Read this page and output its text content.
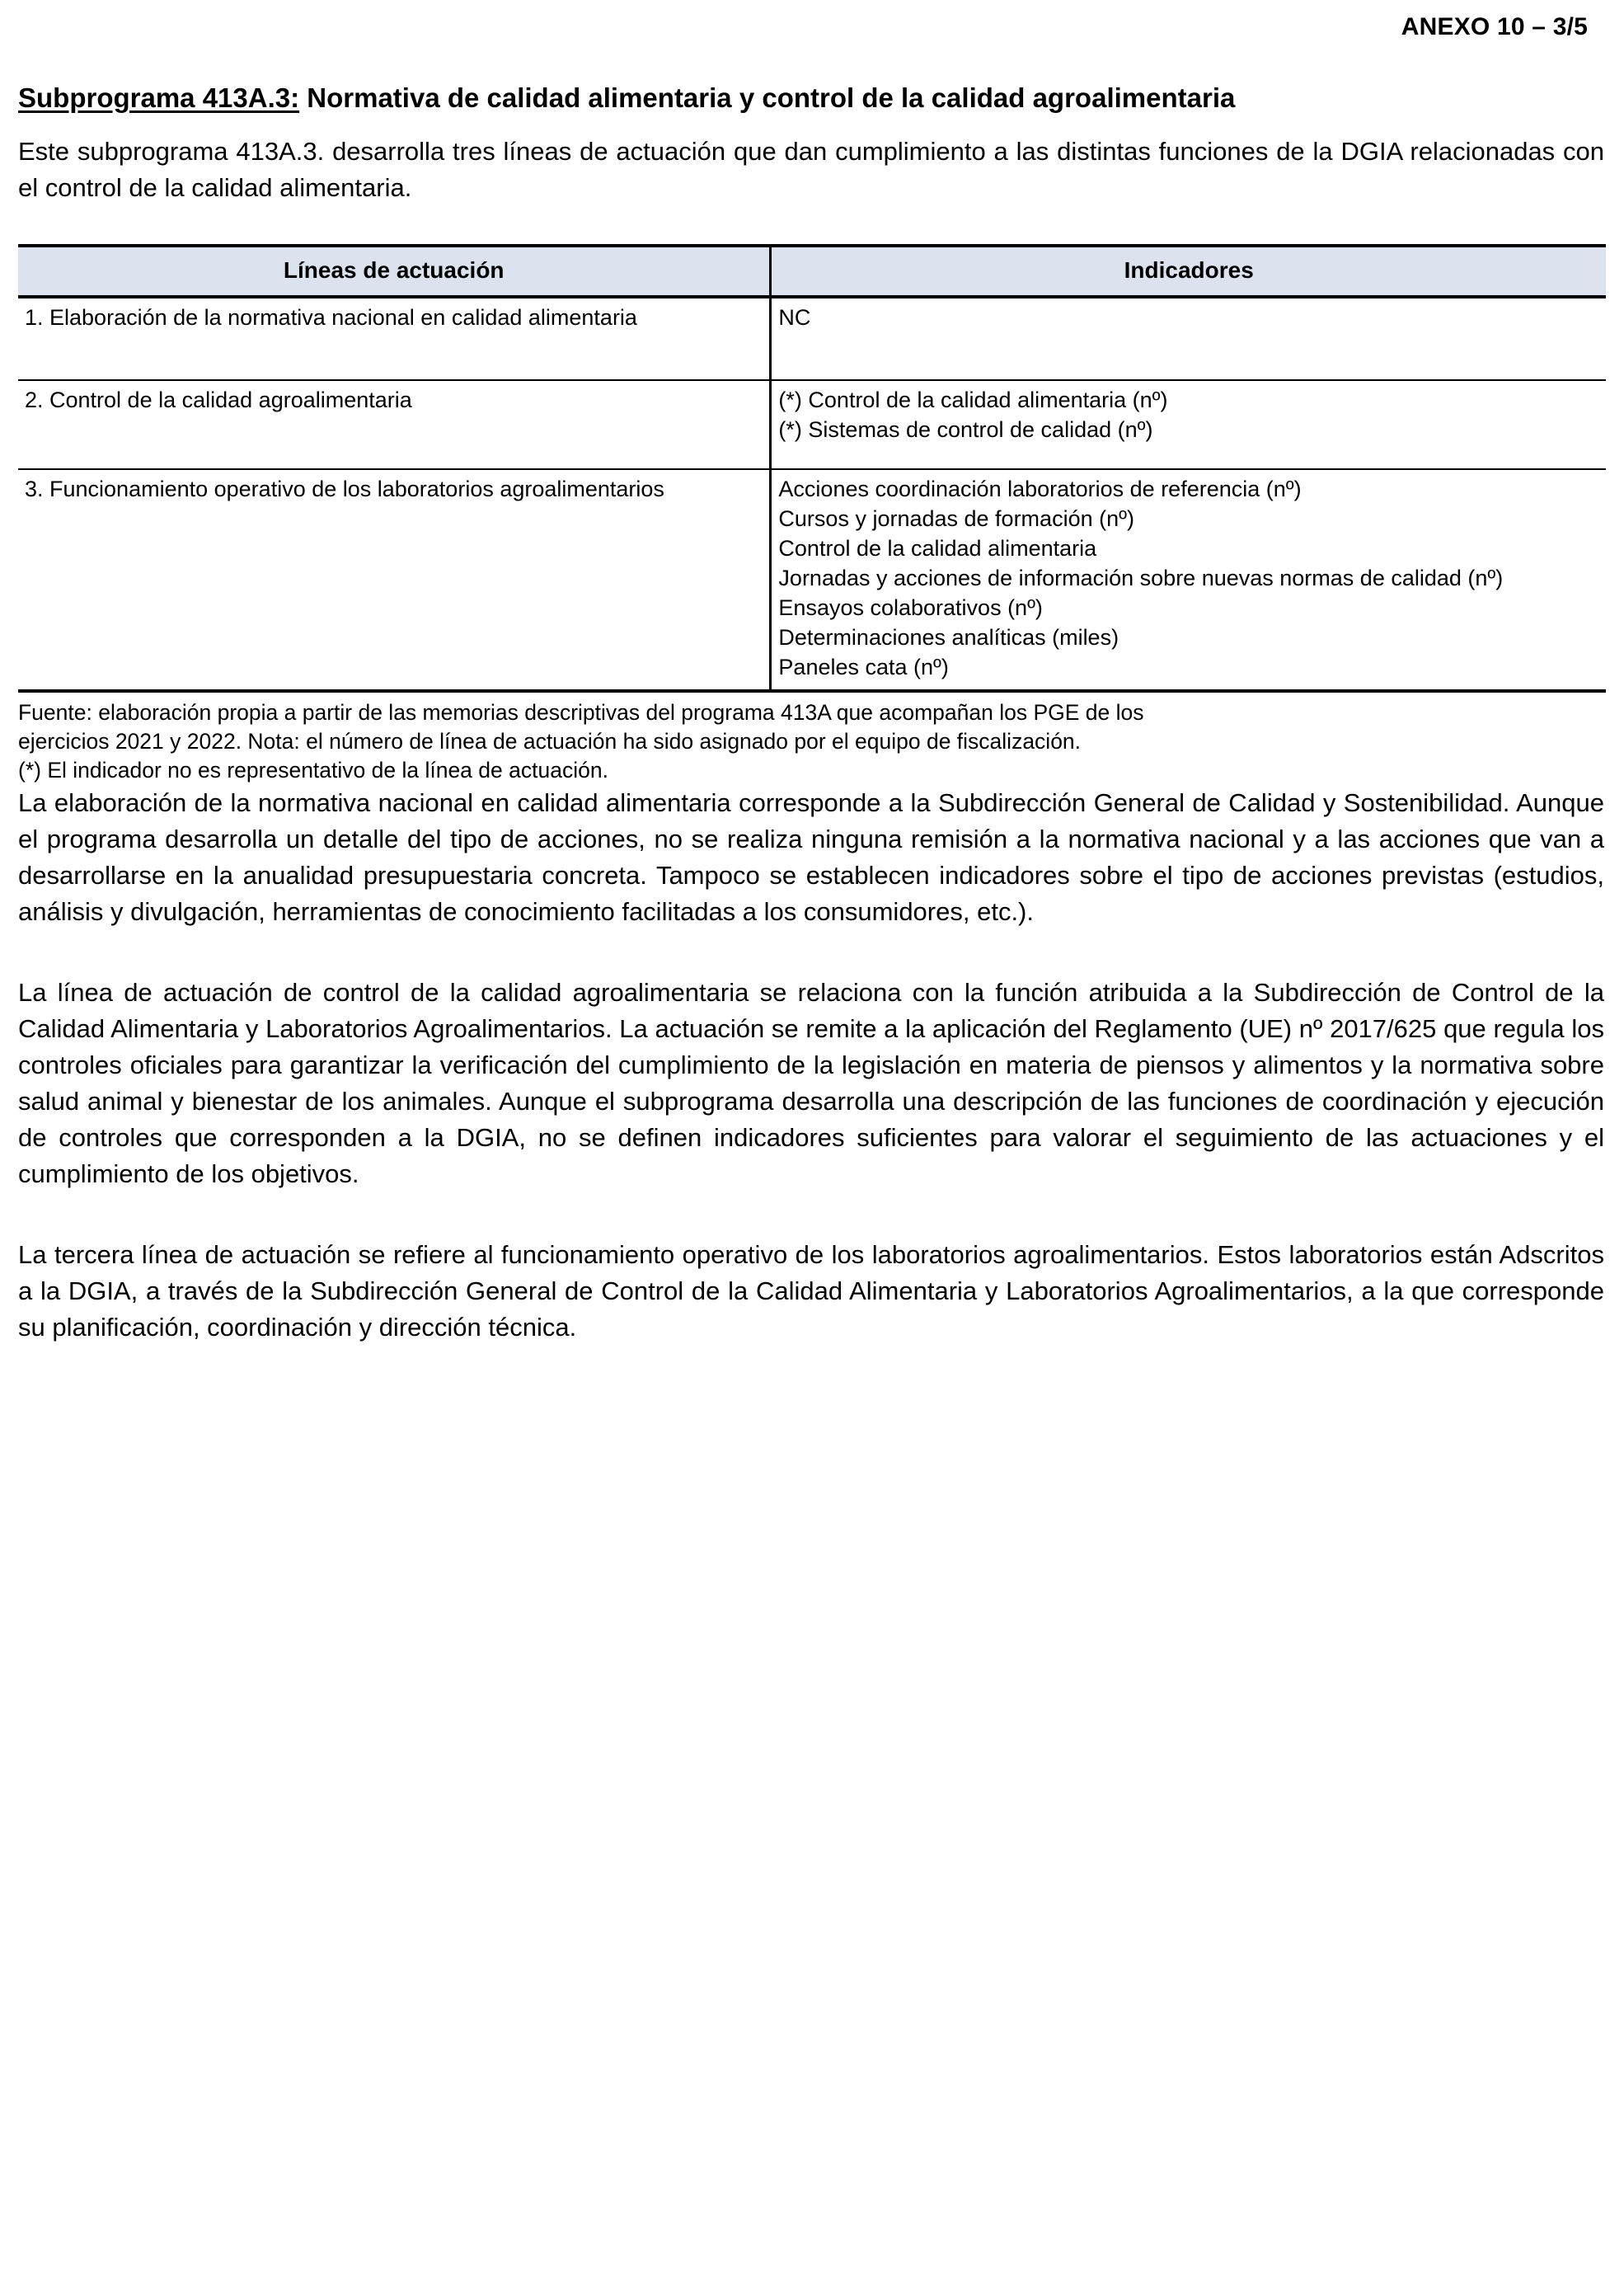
ANEXO 10 – 3/5
Subprograma 413A.3: Normativa de calidad alimentaria y control de la calidad agroalimentaria

Este subprograma 413A.3. desarrolla tres líneas de actuación que dan cumplimiento a las distintas funciones de la DGIA relacionadas con el control de la calidad alimentaria.

Líneas de actuación	Indicadores

1. Elaboración de la normativa nacional en calidad alimentaria	NC

2. Control de la calidad agroalimentaria	(*) Control de la calidad alimentaria (nº)
(*) Sistemas de control de calidad (nº)

3. Funcionamiento operativo de los laboratorios agroalimentarios	Acciones coordinación laboratorios de referencia (nº)
Cursos y jornadas de formación (nº)
Control de la calidad alimentaria
Jornadas y acciones de información sobre nuevas normas de calidad (nº)
Ensayos colaborativos (nº)
Determinaciones analíticas (miles)
Paneles cata (nº)
Fuente: elaboración propia a partir de las memorias descriptivas del programa 413A que acompañan los PGE de los
ejercicios 2021 y 2022. Nota: el número de línea de actuación ha sido asignado por el equipo de fiscalización.
(*) El indicador no es representativo de la línea de actuación.

La elaboración de la normativa nacional en calidad alimentaria corresponde a la Subdirección General de Calidad y Sostenibilidad. Aunque el programa desarrolla un detalle del tipo de acciones, no se realiza ninguna remisión a la normativa nacional y a las acciones que van a desarrollarse en la anualidad presupuestaria concreta. Tampoco se establecen indicadores sobre el tipo de acciones previstas (estudios, análisis y divulgación, herramientas de conocimiento facilitadas a los consumidores, etc.).

La línea de actuación de control de la calidad agroalimentaria se relaciona con la función atribuida a la Subdirección de Control de la Calidad Alimentaria y Laboratorios Agroalimentarios. La actuación se remite a la aplicación del Reglamento (UE) nº 2017/625 que regula los controles oficiales para garantizar la verificación del cumplimiento de la legislación en materia de piensos y alimentos y la normativa sobre salud animal y bienestar de los animales. Aunque el subprograma desarrolla una descripción de las funciones de coordinación y ejecución de controles que corresponden a la DGIA, no se definen indicadores suficientes para valorar el seguimiento de las actuaciones y el cumplimiento de los objetivos.

La tercera línea de actuación se refiere al funcionamiento operativo de los laboratorios agroalimentarios. Estos laboratorios están Adscritos a la DGIA, a través de la Subdirección General de Control de la Calidad Alimentaria y Laboratorios Agroalimentarios, a la que corresponde su planificación, coordinación y dirección técnica.
